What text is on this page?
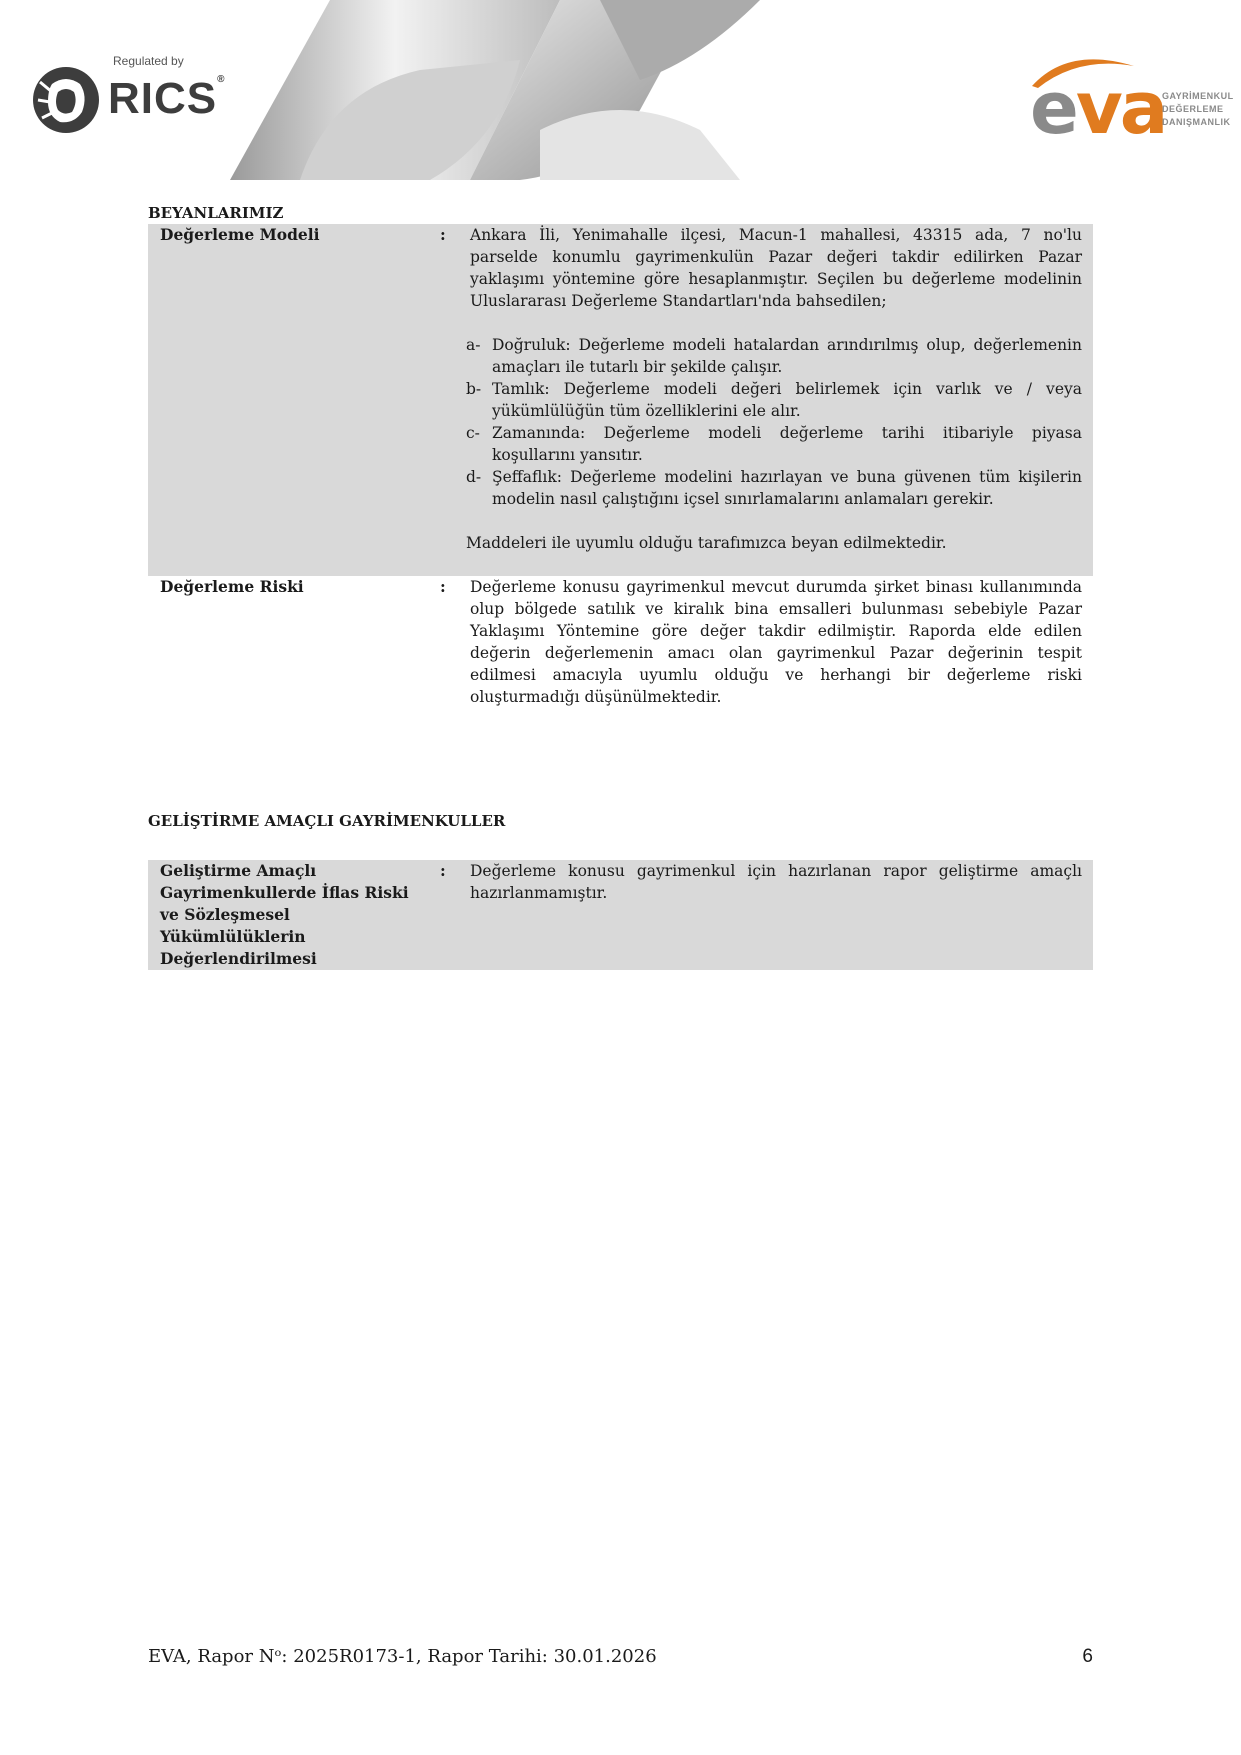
Regulated by
RICS®	eva
GAYRİMENKUL
DEĞERLEME
DANIŞMANLIK
BEYANLARIMIZ
Değerleme Modeli	: Ankara İli, Yenimahalle ilçesi, Macun-1 mahallesi, 43315 ada, 7 no'lu parselde konumlu gayrimenkulün Pazar değeri takdir edilirken Pazar yaklaşımı yöntemine göre hesaplanmıştır. Seçilen bu değerleme modelinin Uluslararası Değerleme Standartları'nda bahsedilen;

a- Doğruluk: Değerleme modeli hatalardan arındırılmış olup, değerlemenin amaçları ile tutarlı bir şekilde çalışır.
b- Tamlık: Değerleme modeli değeri belirlemek için varlık ve / veya yükümlülüğün tüm özelliklerini ele alır.
c- Zamanında: Değerleme modeli değerleme tarihi itibariyle piyasa koşullarını yansıtır.
d- Şeffaflık: Değerleme modelini hazırlayan ve buna güvenen tüm kişilerin modelin nasıl çalıştığını içsel sınırlamalarını anlamaları gerekir.

Maddeleri ile uyumlu olduğu tarafımızca beyan edilmektedir.

Değerleme Riski	: Değerleme konusu gayrimenkul mevcut durumda şirket binası kullanımında olup bölgede satılık ve kiralık bina emsalleri bulunması sebebiyle Pazar Yaklaşımı Yöntemine göre değer takdir edilmiştir. Raporda elde edilen değerin değerlemenin amacı olan gayrimenkul Pazar değerinin tespit edilmesi amacıyla uyumlu olduğu ve herhangi bir değerleme riski oluşturmadığı düşünülmektedir.
GELİŞTİRME AMAÇLI GAYRİMENKULLER
Geliştirme Amaçlı Gayrimenkullerde İflas Riski ve Sözleşmesel Yükümlülüklerin Değerlendirilmesi
: Değerleme konusu gayrimenkul için hazırlanan rapor geliştirme amaçlı hazırlanmamıştır.
EVA, Rapor Nᵒ: 2025R0173-1, Rapor Tarihi: 30.01.2026	6
